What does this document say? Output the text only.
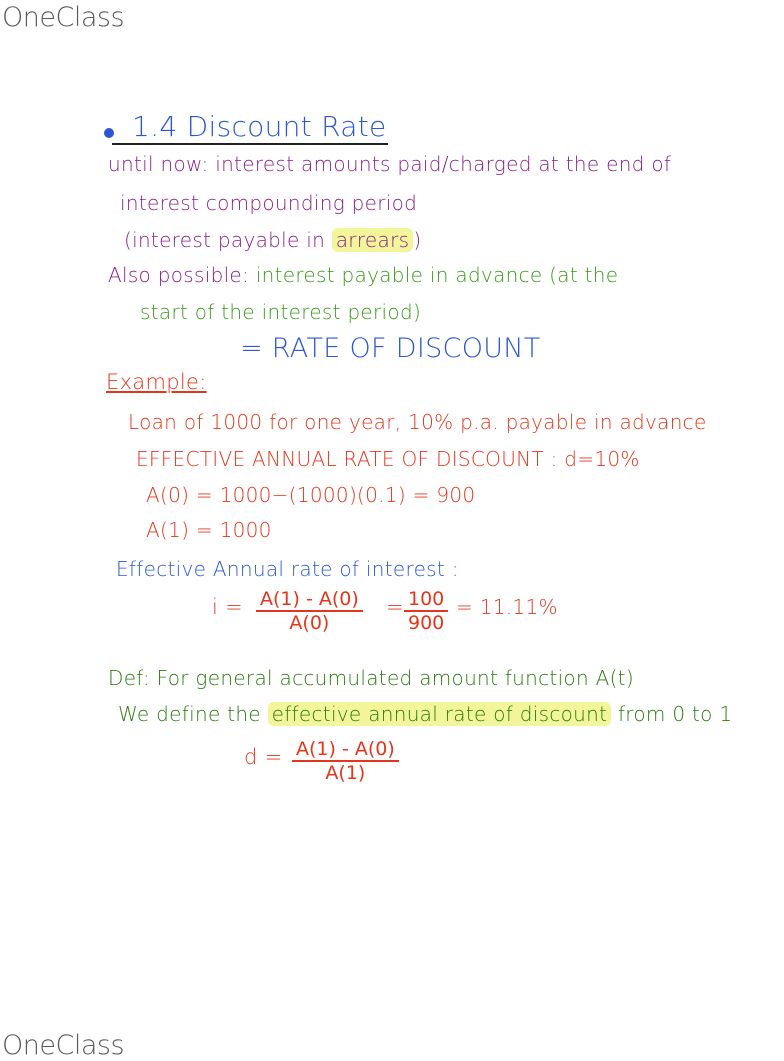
OneClass
1.4 Discount Rate
until now: interest amounts paid/charged at the end of
interest compounding period
(interest payable in arrears )
Also possible: interest payable in advance (at the
start of the interest period)
= RATE OF DISCOUNT
Example:
Loan of 1000 for one year, 10% p.a. payable in advance
EFFECTIVE ANNUAL RATE OF DISCOUNT : d=10%
A(0) = 1000−(1000)(0.1) = 900
A(1) = 1000
Effective Annual rate of interest :
$i = \frac{A(1) - A(0)}{A(0)} = \frac{100}{900} = 11.11\%$
Def: For general accumulated amount function A(t)
We define the effective annual rate of discount from 0 to 1
$d = \frac{A(1) - A(0)}{A(1)}$
OneClass
